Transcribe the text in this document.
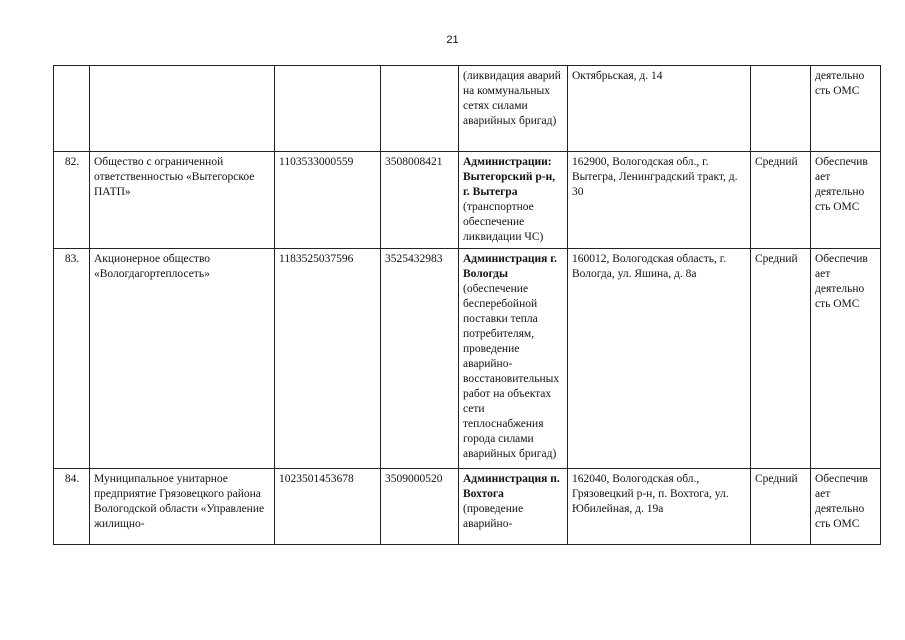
21
				(ликвидация аварий на коммунальных сетях силами аварийных бригад)	Октябрьская, д. 14		деятельно сть ОМС
82.	Общество с ограниченной ответственностью «Вытегорское ПАТП»	1103533000559	3508008421	Администрации: Вытегорский р-н, г. Вытегра (транспортное обеспечение ликвидации ЧС)	162900, Вологодская обл., г. Вытегра, Ленинградский тракт, д. 30	Средний	Обеспечив ает деятельно сть ОМС
83.	Акционерное общество «Вологдагортеплосеть»	1183525037596	3525432983	Администрация г. Вологды (обеспечение бесперебойной поставки тепла потребителям, проведение аварийно-восстановительных работ на объектах сети теплоснабжения города силами аварийных бригад)	160012, Вологодская область, г. Вологда, ул. Яшина, д. 8а	Средний	Обеспечив ает деятельно сть ОМС
84.	Муниципальное унитарное предприятие Грязовецкого района Вологодской области «Управление жилищно-	1023501453678	3509000520	Администрация п. Вохтога (проведение аварийно-	162040, Вологодская обл., Грязовецкий р-н, п. Вохтога, ул. Юбилейная, д. 19а	Средний	Обеспечив ает деятельно сть ОМС
